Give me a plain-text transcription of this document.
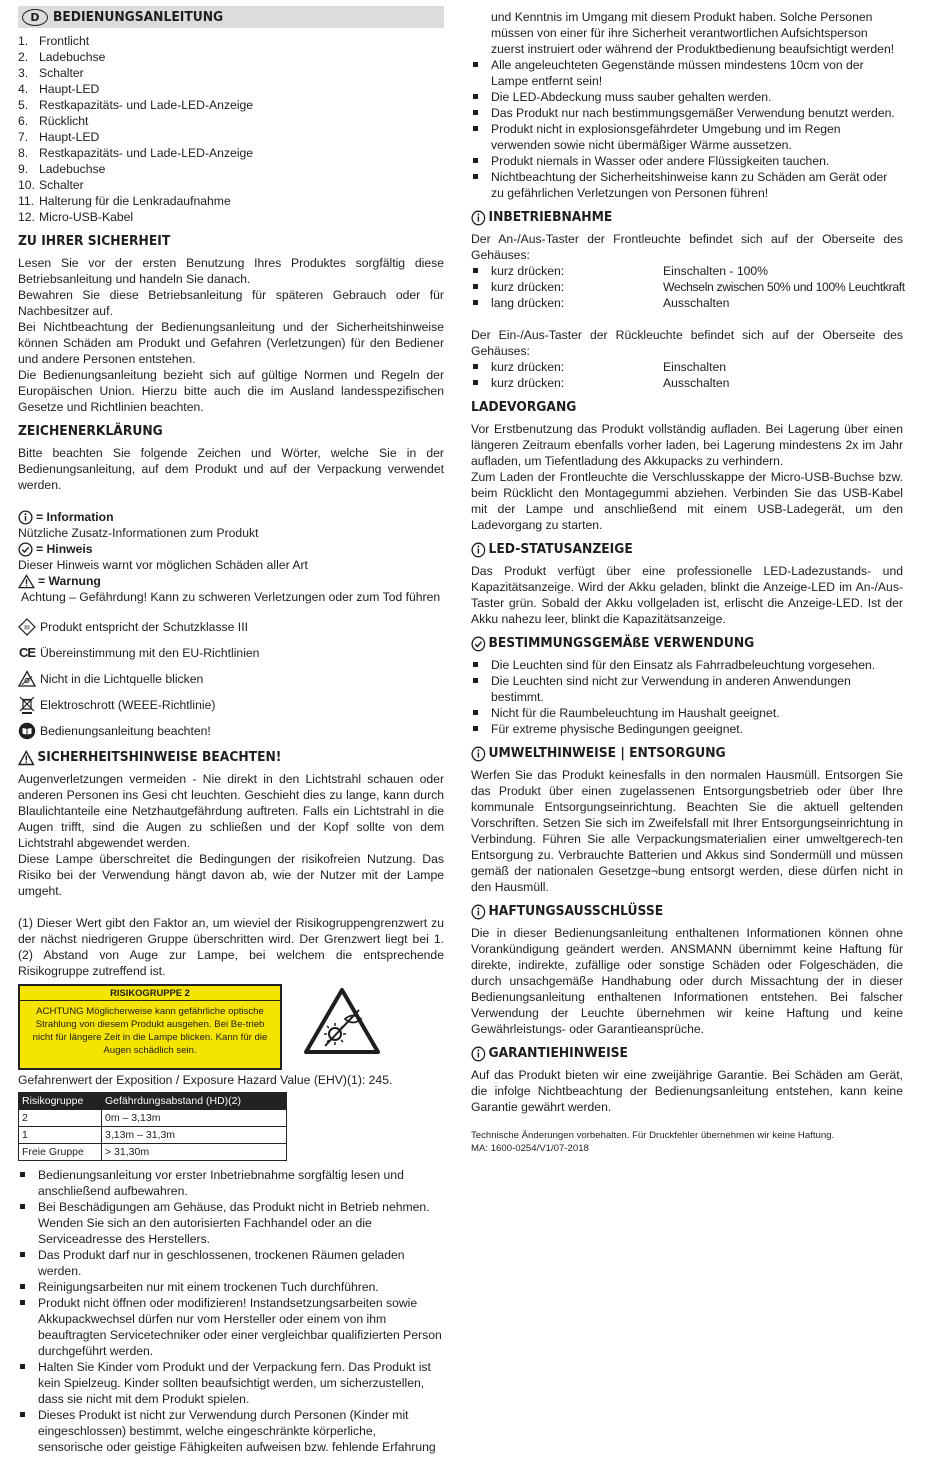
D	BEDIENUNGSANLEITUNG
1. Frontlicht
2. Ladebuchse
3. Schalter
4. Haupt-LED
5. Restkapazitäts- und Lade-LED-Anzeige
6. Rücklicht
7. Haupt-LED
8. Restkapazitäts- und Lade-LED-Anzeige
9. Ladebuchse
10. Schalter
11. Halterung für die Lenkradaufnahme
12. Micro-USB-Kabel
ZU IHRER SICHERHEIT

Lesen Sie vor der ersten Benutzung Ihres Produktes sorgfältig diese Betriebsanleitung und handeln Sie danach.

Bewahren Sie diese Betriebsanleitung für späteren Gebrauch oder für Nachbesitzer auf.

Bei Nichtbeachtung der Bedienungsanleitung und der Sicherheitshinweise können Schäden am Produkt und Gefahren (Verletzungen) für den Bediener und andere Personen entstehen.

Die Bedienungsanleitung bezieht sich auf gültige Normen und Regeln der Europäischen Union. Hierzu bitte auch die im Ausland landesspezifischen Gesetze und Richtlinien beachten.

ZEICHENERKLÄRUNG

Bitte beachten Sie folgende Zeichen und Wörter, welche Sie in der Bedienungsanleitung, auf dem Produkt und auf der Verpackung verwendet werden.

= Information

Nützliche Zusatz-Informationen zum Produkt

= Hinweis

Dieser Hinweis warnt vor möglichen Schäden aller Art

= Warnung

Achtung – Gefährdung! Kann zu schweren Verletzungen oder zum Tod führen

III Produkt entspricht der Schutzklasse III
CE Übereinstimmung mit den EU-Richtlinien
Nicht in die Lichtquelle blicken
Elektroschrott (WEEE-Richtlinie)
Bedienungsanleitung beachten!
SICHERHEITSHINWEISE BEACHTEN!

Augenverletzungen vermeiden - Nie direkt in den Lichtstrahl schauen oder anderen Personen ins Gesi cht leuchten. Geschieht dies zu lange, kann durch Blaulichtanteile eine Netzhautgefährdung auftreten. Falls ein Lichtstrahl in die Augen trifft, sind die Augen zu schließen und der Kopf sollte von dem Lichtstrahl abgewendet werden.

Diese Lampe überschreitet die Bedingungen der risikofreien Nutzung. Das Risiko bei der Verwendung hängt davon ab, wie der Nutzer mit der Lampe umgeht.

(1) Dieser Wert gibt den Faktor an, um wieviel der Risikogruppengrenzwert zu der nächst niedrigeren Gruppe überschritten wird. Der Grenzwert liegt bei 1. (2) Abstand von Auge zur Lampe, bei welchem die entsprechende Risikogruppe zutreffend ist.

RISIKOGRUPPE 2
ACHTUNG Möglicherweise kann gefährliche optische Strahlung von diesem Produkt ausgehen. Bei Be-trieb nicht für längere Zeit in die Lampe blicken. Kann für die Augen schädlich sein.

Gefahrenwert der Exposition / Exposure Hazard Value (EHV)(1): 245.

Risikogruppe	Gefährdungsabstand (HD)(2)
2	0m – 3,13m
1	3,13m – 31,3m
Freie Gruppe	> 31,30m
Bedienungsanleitung vor erster Inbetriebnahme sorgfältig lesen und anschließend aufbewahren.
Bei Beschädigungen am Gehäuse, das Produkt nicht in Betrieb nehmen. Wenden Sie sich an den autorisierten Fachhandel oder an die Serviceadresse des Herstellers.
Das Produkt darf nur in geschlossenen, trockenen Räumen geladen werden.
Reinigungsarbeiten nur mit einem trockenen Tuch durchführen.
Produkt nicht öffnen oder modifizieren! Instandsetzungsarbeiten sowie Akkupackwechsel dürfen nur vom Hersteller oder einem von ihm beauftragten Servicetechniker oder einer vergleichbar qualifizierten Person durchgeführt werden.
Halten Sie Kinder vom Produkt und der Verpackung fern. Das Produkt ist kein Spielzeug. Kinder sollten beaufsichtigt werden, um sicherzustellen, dass sie nicht mit dem Produkt spielen.
Dieses Produkt ist nicht zur Verwendung durch Personen (Kinder mit eingeschlossen) bestimmt, welche eingeschränkte körperliche, sensorische oder geistige Fähigkeiten aufweisen bzw. fehlende Erfahrung

und Kenntnis im Umgang mit diesem Produkt haben. Solche Personen müssen von einer für ihre Sicherheit verantwortlichen Aufsichtsperson zuerst instruiert oder während der Produktbedienung beaufsichtigt werden!

Alle angeleuchteten Gegenstände müssen mindestens 10cm von der Lampe entfernt sein!
Die LED-Abdeckung muss sauber gehalten werden.
Das Produkt nur nach bestimmungsgemäßer Verwendung benutzt werden.
Produkt nicht in explosionsgefährdeter Umgebung und im Regen verwenden sowie nicht übermäßiger Wärme aussetzen.
Produkt niemals in Wasser oder andere Flüssigkeiten tauchen.
Nichtbeachtung der Sicherheitshinweise kann zu Schäden am Gerät oder zu gefährlichen Verletzungen von Personen führen!
INBETRIEBNAHME

Der An-/Aus-Taster der Frontleuchte befindet sich auf der Oberseite des Gehäuses:

kurz drücken:	Einschalten - 100%
kurz drücken:	Wechseln zwischen 50% und 100% Leuchtkraft
lang drücken:	Ausschalten

Der Ein-/Aus-Taster der Rückleuchte befindet sich auf der Oberseite des Gehäuses:

kurz drücken:	Einschalten
kurz drücken:	Ausschalten
LADEVORGANG

Vor Erstbenutzung das Produkt vollständig aufladen. Bei Lagerung über einen längeren Zeitraum ebenfalls vorher laden, bei Lagerung mindestens 2x im Jahr aufladen, um Tiefentladung des Akkupacks zu verhindern.

Zum Laden der Frontleuchte die Verschlusskappe der Micro-USB-Buchse bzw. beim Rücklicht den Montagegummi abziehen. Verbinden Sie das USB-Kabel mit der Lampe und anschließend mit einem USB-Ladegerät, um den Ladevorgang zu starten.

LED-STATUSANZEIGE

Das Produkt verfügt über eine professionelle LED-Ladezustands- und Kapazitätsanzeige. Wird der Akku geladen, blinkt die Anzeige-LED im An-/Aus-Taster grün. Sobald der Akku vollgeladen ist, erlischt die Anzeige-LED. Ist der Akku nahezu leer, blinkt die Kapazitätsanzeige.

BESTIMMUNGSGEMÄßE VERWENDUNG
Die Leuchten sind für den Einsatz als Fahrradbeleuchtung vorgesehen.
Die Leuchten sind nicht zur Verwendung in anderen Anwendungen bestimmt.
Nicht für die Raumbeleuchtung im Haushalt geeignet.
Für extreme physische Bedingungen geeignet.
UMWELTHINWEISE | ENTSORGUNG

Werfen Sie das Produkt keinesfalls in den normalen Hausmüll. Entsorgen Sie das Produkt über einen zugelassenen Entsorgungsbetrieb oder über Ihre kommunale Entsorgungseinrichtung. Beachten Sie die aktuell geltenden Vorschriften. Setzen Sie sich im Zweifelsfall mit Ihrer Entsorgungseinrichtung in Verbindung. Führen Sie alle Verpackungsmaterialien einer umweltgerech-ten Entsorgung zu. Verbrauchte Batterien und Akkus sind Sondermüll und müssen gemäß der nationalen Gesetzge¬bung entsorgt werden, diese dürfen nicht in den Hausmüll.

HAFTUNGSAUSSCHLÜSSE

Die in dieser Bedienungsanleitung enthaltenen Informationen können ohne Vorankündigung geändert werden. ANSMANN übernimmt keine Haftung für direkte, indirekte, zufällige oder sonstige Schäden oder Folgeschäden, die durch unsachgemäße Handhabung oder durch Missachtung der in dieser Bedienungsanleitung enthaltenen Informationen entstehen. Bei falscher Verwendung der Leuchte übernehmen wir keine Haftung und keine Gewährleistungs- oder Garantieansprüche.

GARANTIEHINWEISE

Auf das Produkt bieten wir eine zweijährige Garantie. Bei Schäden am Gerät, die infolge Nichtbeachtung der Bedienungsanleitung entstehen, kann keine Garantie gewährt werden.

Technische Änderungen vorbehalten. Für Druckfehler übernehmen wir keine Haftung.

MA: 1600-0254/V1/07-2018
